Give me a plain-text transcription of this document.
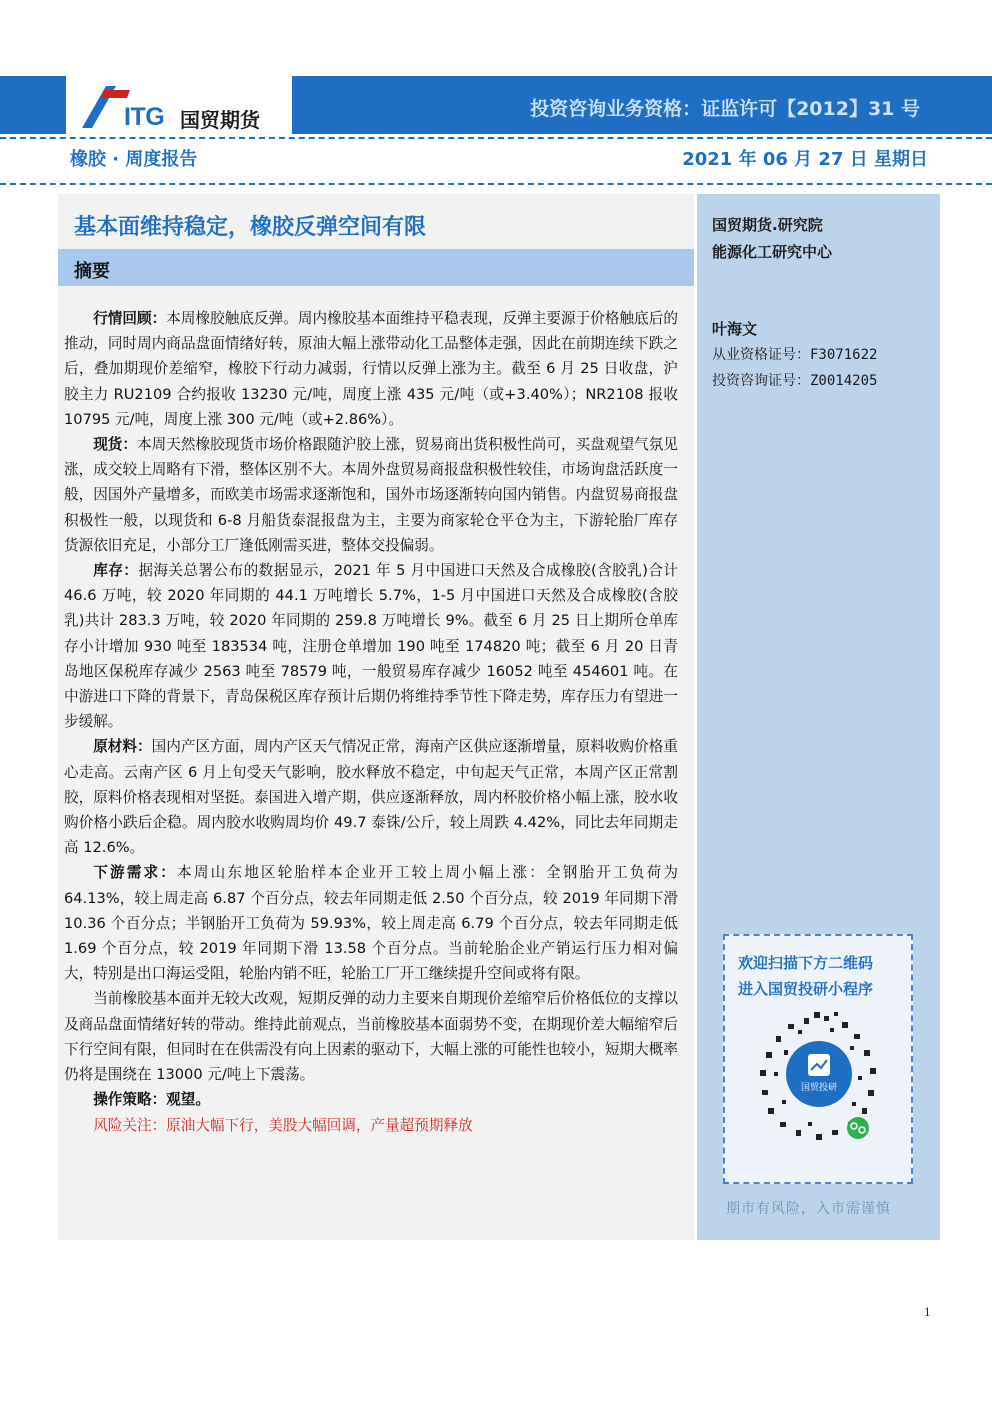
ITG 国贸期货	投资咨询业务资格：证监许可【2012】31 号
橡胶 · 周度报告	2021 年 06 月 27 日 星期日
基本面维持稳定，橡胶反弹空间有限
摘要

行情回顾：本周橡胶触底反弹。周内橡胶基本面维持平稳表现，反弹主要源于价格触底后的推动，同时周内商品盘面情绪好转，原油大幅上涨带动化工品整体走强，因此在前期连续下跌之后，叠加期现价差缩窄，橡胶下行动力减弱，行情以反弹上涨为主。截至 6 月 25 日收盘，沪胶主力 RU2109 合约报收 13230 元/吨，周度上涨 435 元/吨（或+3.40%）；NR2108 报收 10795 元/吨，周度上涨 300 元/吨（或+2.86%）。

现货：本周天然橡胶现货市场价格跟随沪胶上涨，贸易商出货积极性尚可，买盘观望气氛见涨，成交较上周略有下滑，整体区别不大。本周外盘贸易商报盘积极性较佳，市场询盘活跃度一般，因国外产量增多，而欧美市场需求逐渐饱和，国外市场逐渐转向国内销售。内盘贸易商报盘积极性一般，以现货和 6-8 月船货泰混报盘为主，主要为商家轮仓平仓为主，下游轮胎厂库存货源依旧充足，小部分工厂逢低刚需买进，整体交投偏弱。

库存：据海关总署公布的数据显示，2021 年 5 月中国进口天然及合成橡胶(含胶乳)合计 46.6 万吨，较 2020 年同期的 44.1 万吨增长 5.7%，1-5 月中国进口天然及合成橡胶(含胶乳)共计 283.3 万吨，较 2020 年同期的 259.8 万吨增长 9%。截至 6 月 25 日上期所仓单库存小计增加 930 吨至 183534 吨，注册仓单增加 190 吨至 174820 吨；截至 6 月 20 日青岛地区保税库存减少 2563 吨至 78579 吨，一般贸易库存减少 16052 吨至 454601 吨。在中游进口下降的背景下，青岛保税区库存预计后期仍将维持季节性下降走势，库存压力有望进一步缓解。

原材料：国内产区方面，周内产区天气情况正常，海南产区供应逐渐增量，原料收购价格重心走高。云南产区 6 月上旬受天气影响，胶水释放不稳定，中旬起天气正常，本周产区正常割胶，原料价格表现相对坚挺。泰国进入增产期，供应逐渐释放，周内杯胶价格小幅上涨，胶水收购价格小跌后企稳。周内胶水收购周均价 49.7 泰铢/公斤，较上周跌 4.42%，同比去年同期走高 12.6%。

下游需求：本周山东地区轮胎样本企业开工较上周小幅上涨：全钢胎开工负荷为 64.13%，较上周走高 6.87 个百分点，较去年同期走低 2.50 个百分点，较 2019 年同期下滑 10.36 个百分点；半钢胎开工负荷为 59.93%，较上周走高 6.79 个百分点，较去年同期走低 1.69 个百分点，较 2019 年同期下滑 13.58 个百分点。当前轮胎企业产销运行压力相对偏大，特别是出口海运受阻，轮胎内销不旺，轮胎工厂开工继续提升空间或将有限。

当前橡胶基本面并无较大改观，短期反弹的动力主要来自期现价差缩窄后价格低位的支撑以及商品盘面情绪好转的带动。维持此前观点，当前橡胶基本面弱势不变，在期现价差大幅缩窄后下行空间有限，但同时在在供需没有向上因素的驱动下，大幅上涨的可能性也较小，短期大概率仍将是围绕在 13000 元/吨上下震荡。

操作策略：观望。

风险关注：原油大幅下行，美股大幅回调，产量超预期释放

国贸期货.研究院
能源化工研究中心
叶海文
从业资格证号：F3071622
投资咨询证号：Z0014205
欢迎扫描下方二维码
进入国贸投研小程序
国贸投研
期市有风险，入市需谨慎
1
